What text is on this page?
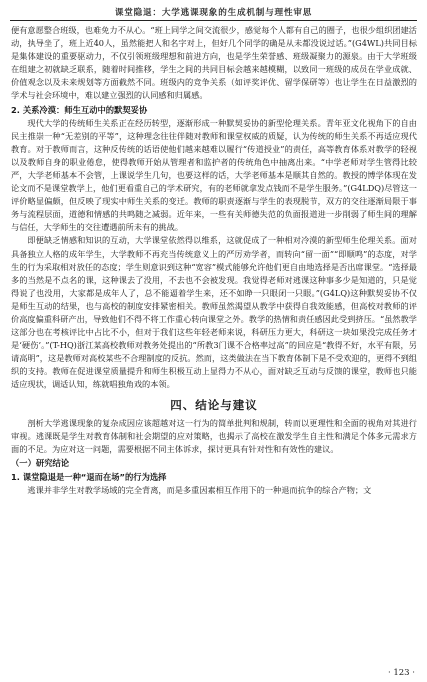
课堂隐退：大学逃课现象的生成机制与理性审思

便有意愿整合班级，也难免力不从心。“班上同学之间交流很少，感觉每个人都有自己的圈子，也很少组织团建活动，执导坐了，班上近40人，虽然能把人和名字对上，但好几个同学的确是从未都没说过话。”(G4WL)共同目标是集体建设的重要驱动力，不仅引领班级理想和前进方向，也是学生荣誉感、班级凝聚力的源泉。由于大学班级在组建之初就缺乏联系，随着时间推移，学生之间的共同目标会越来越模糊，以致同一班级的成员在学业成就、价值观念以及未来规划等方面截然不同。班级内的竞争关系（如评奖评优、留学保研等）也让学生在日益激烈的学术与社会环境中，难以建立强烈的认同感和归属感。

2. 关系冷漠：师生互动中的默契妥协

现代大学的传统师生关系正在经历转型，逐渐形成一种默契妥协的新型伦理关系。青年亚文化视角下的自由民主推崇一种“无差别的平等”，这种理念往往伴随对教师和课堂权威的质疑，认为传统的师生关系不再适应现代教育。对于教师而言，这种反传统的话语使他们越来越难以履行“传道授业”的责任，高等教育体系对教学的轻视以及教师自身的职业倦怠，使得教师开始从管理者和监护者的传统角色中抽离出来。“中学老师对学生管得比较严，大学老师基本不会管，上课说学生几句，也要这样的话，大学老师基本是顺其自然的。教授的博学体现在发论文而不是课堂教学上，他们更看重自己的学术研究，有的老师就拿发点钱而不是学生服务。”(G4LDQ)尽管这一评价略显偏颇，但反映了现实中师生关系的变迁。教师的职责逐渐与学生的表现脱节，双方的交往逐渐局限于事务与流程层面，道德和情感的共鸣随之减弱。近年来，一些有关师德失范的负面报道进一步削弱了师生间的理解与信任，大学师生的交往遭遇前所未有的挑战。

即便缺乏情感和知识的互动，大学课堂依然得以维系，这就促成了一种相对冷漠的新型师生伦理关系。面对具备独立人格的成年学生，大学教师不再充当传统意义上的严厉劝学者，而转向“留一面”“即顺鸣”的态度，对学生的行为采取相对放任的态度；学生则意识到这种“宽容”模式能够允许他们更自由地选择是否出席课堂。“选择最多的当然是不点名的课，这种课去了没用，不去也不会被发现。我觉得老师对逃课这种事多少是知道的，只是觉得说了也没用，大家都是成年人了，总不能逼着学生来，还不如睁一只眼闭一只眼。”(G4LQ)这种默契妥协不仅是师生互动的结果，也与高校的制度安排紧密相关。教师虽然渴望从教学中获得自我效能感，但高校对教师的评价高度偏重科研产出，导致他们不得不将工作重心转向课堂之外。教学的热情和责任感因此受到挤压。“虽然教学这部分也在考核评比中占比不小，但对于我们这些年轻老师来说，科研压力更大，科研这一块如果没完成任务才是‘硬伤’。”(T-HQ)浙江某高校教师对教务处提出的“所教3门课不合格率过高”的回应是“教得不好，水平有限，另请高明”，这是教师对高校某些不合理制度的反抗。然而，这类做法在当下教育体制下是不受欢迎的，更得不到组织的支持。教师在促进课堂质量提升和师生积极互动上显得力不从心，面对缺乏互动与反馈的课堂，教师也只能适应现状，调适认知，练就唱独角戏的本领。

四、结论与建议

剖析大学逃课现象的复杂成因应该超越对这一行为的简单批判和规制，转而以更理性和全面的视角对其进行审视。逃课既是学生对教育体制和社会期望的应对策略，也揭示了高校在激发学生自主性和满足个体多元需求方面的不足。为应对这一问题，需要根据不同主体诉求，探讨更具有针对性和有效性的建议。

（一）研究结论
1. 课堂隐退是一种“退而在场”的行为选择

逃课并非学生对教学场域的完全背离，而是多重因素相互作用下的一种退而抗争的综合产物；文

· 123 ·
